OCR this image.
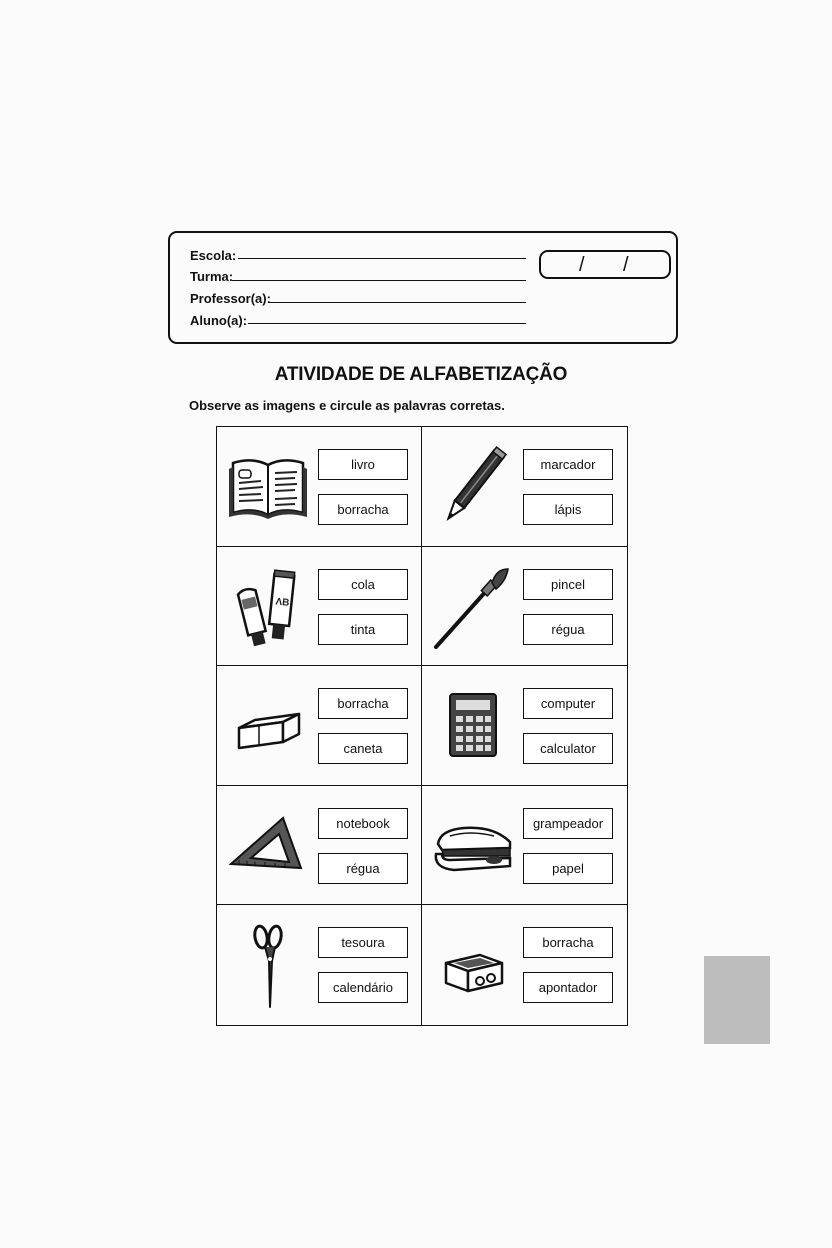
Escola:
Turma:
Professor(a):
Aluno(a):
/ /
ATIVIDADE DE ALFABETIZAÇÃO
Observe as imagens e circule as palavras corretas.
livro
borracha
marcador
lápis
ΛB
cola
tinta
pincel
régua
borracha
caneta
computer
calculator
notebook
régua
grampeador
papel
tesoura
calendário
borracha
apontador
